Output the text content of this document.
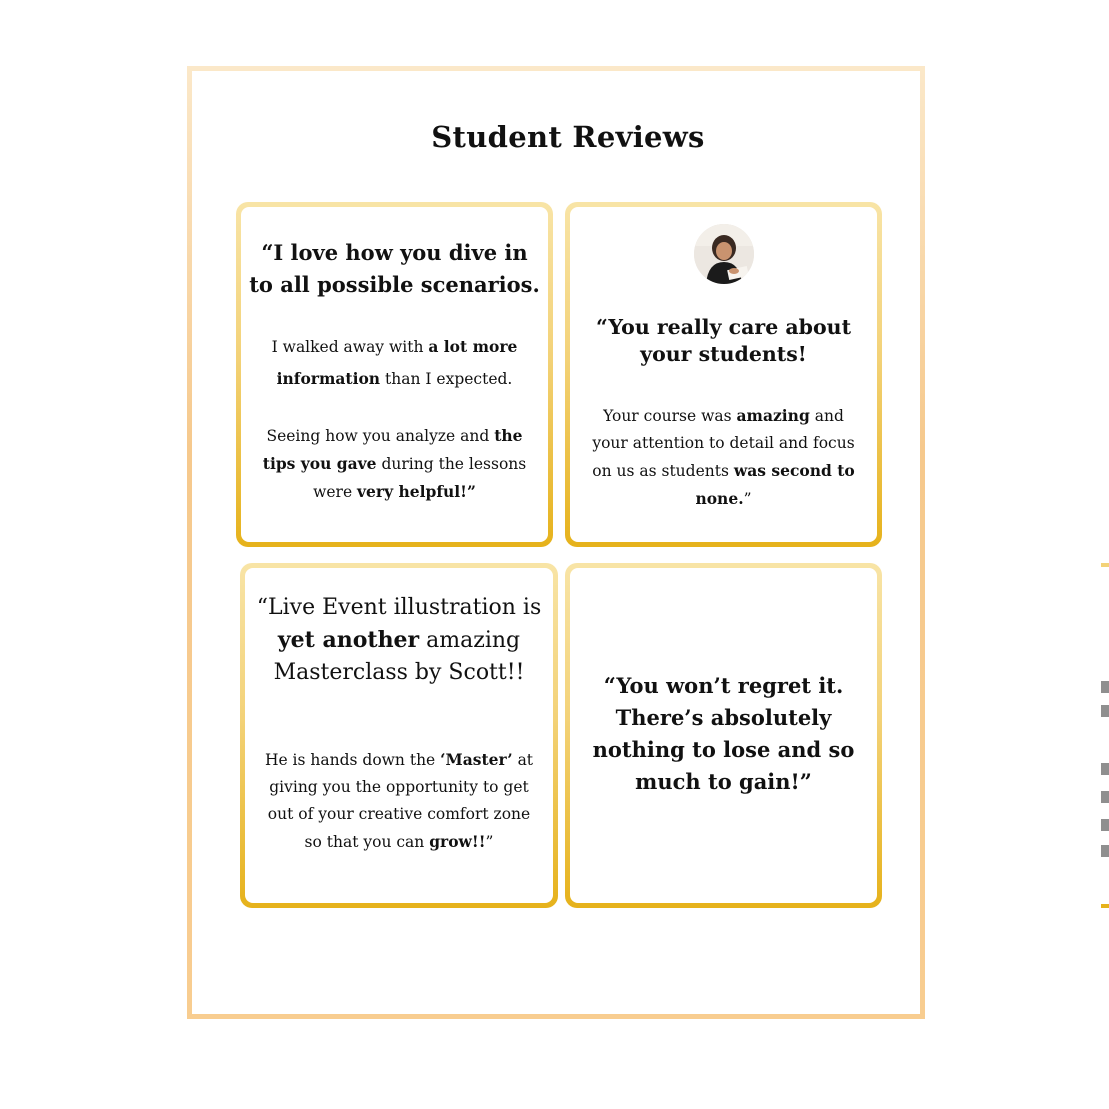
Student Reviews
“I love how you dive in to all possible scenarios.
I walked away with a lot more information than I expected.
Seeing how you analyze and the tips you gave during the lessons were very helpful!”
“You really care about your students!
Your course was amazing and your attention to detail and focus on us as students was second to none.”
“Live Event illustration is yet another amazing Masterclass by Scott!!
He is hands down the ‘Master’ at giving you the opportunity to get out of your creative comfort zone so that you can grow!!”
“You won’t regret it. There’s absolutely nothing to lose and so much to gain!”
